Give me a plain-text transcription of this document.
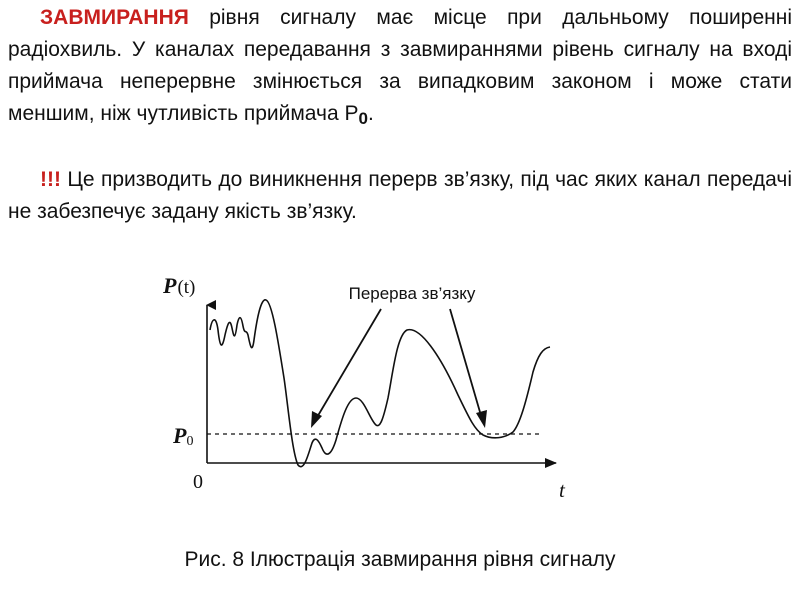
ЗАВМИРАННЯ рівня сигналу має місце при дальньому поширенні радіохвиль. У каналах передавання з завмираннями рівень сигналу на вході приймача неперервне змінюється за випадковим законом і може стати меншим, ніж чутливість приймача P0.

!!! Це призводить до виникнення перерв зв’язку, під час яких канал передачі не забезпечує задану якість зв’язку.

Перерва зв’язку
P(t)
P0
0	t
Рис. 8 Ілюстрація завмирання рівня сигналу
